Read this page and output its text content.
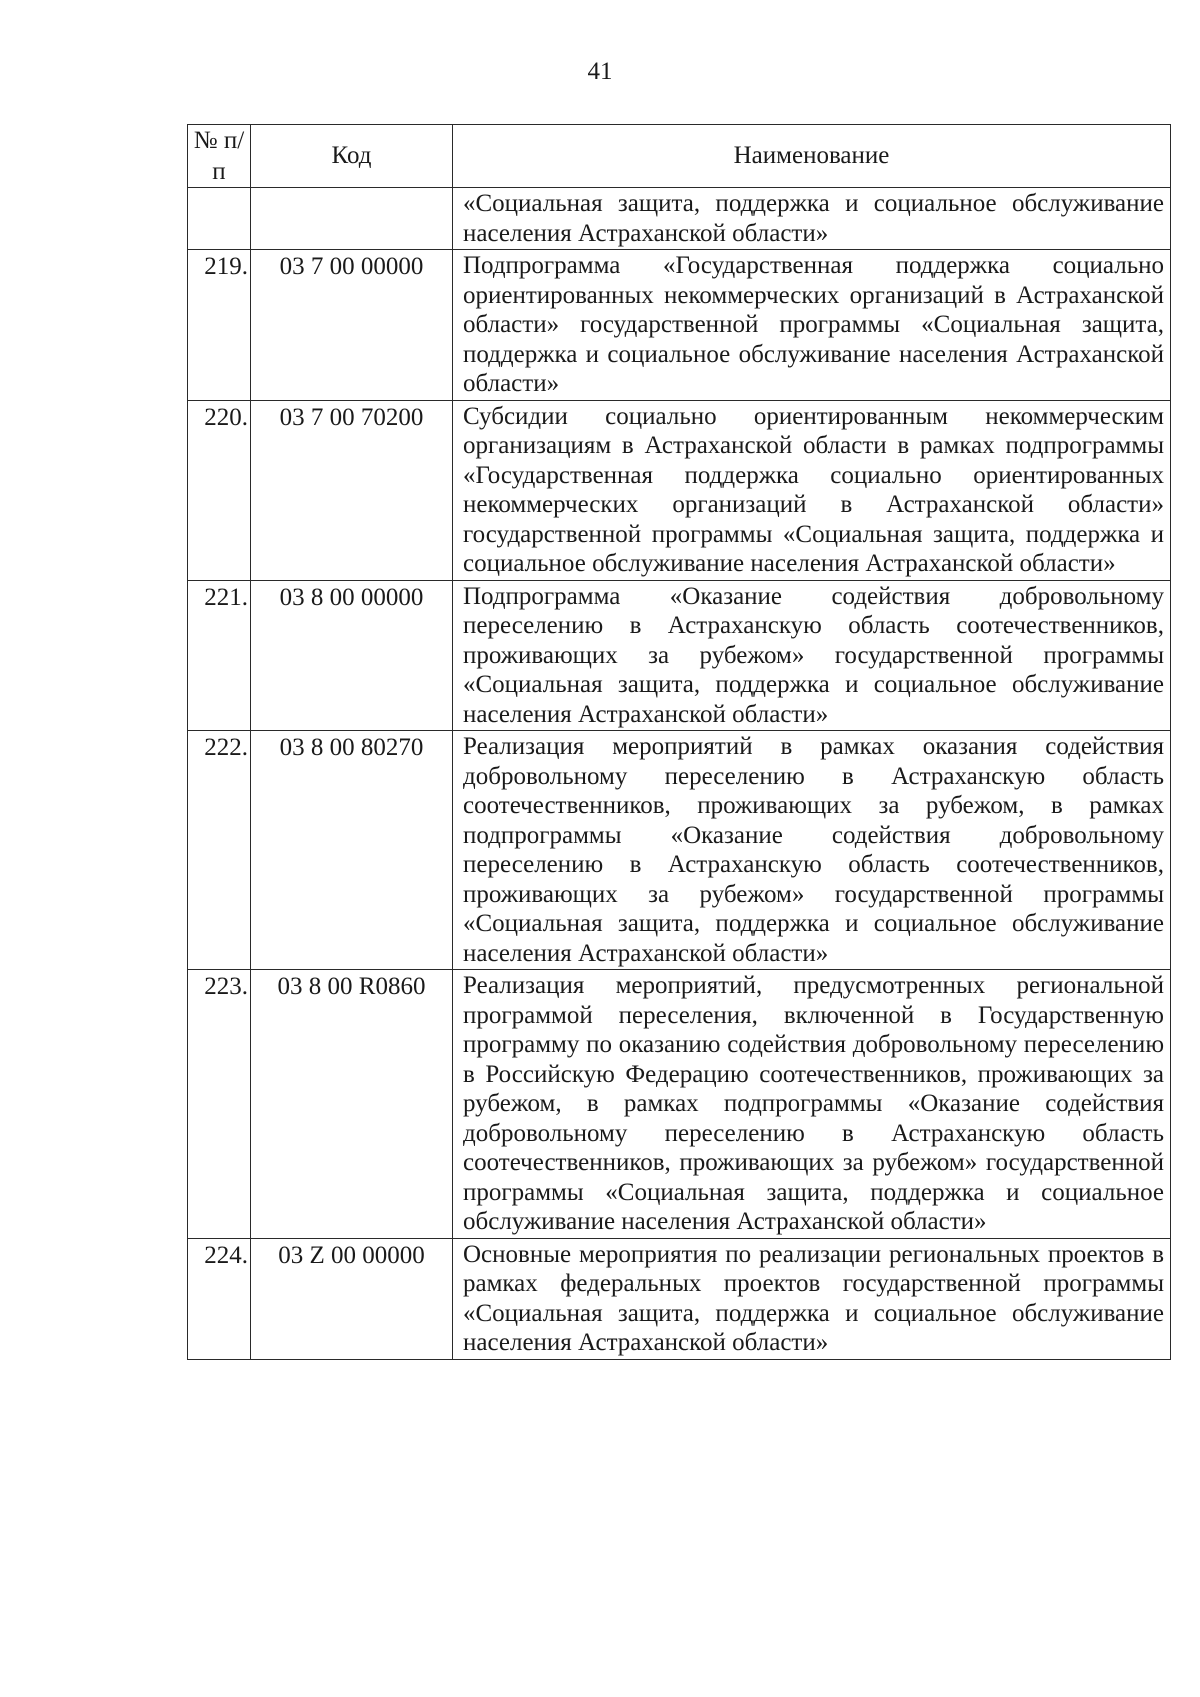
41
№ п/п	Код	Наименование
		«Социальная защита, поддержка и социальное обслуживание населения Астраханской области»
219.	03 7 00 00000	Подпрограмма «Государственная поддержка социально ориентированных некоммерческих организаций в Астраханской области» государственной программы «Социальная защита, поддержка и социальное обслуживание населения Астраханской области»
220.	03 7 00 70200	Субсидии социально ориентированным некоммерческим организациям в Астраханской области в рамках подпрограммы «Государственная поддержка социально ориентированных некоммерческих организаций в Астраханской области» государственной программы «Социальная защита, поддержка и социальное обслуживание населения Астраханской области»
221.	03 8 00 00000	Подпрограмма «Оказание содействия добровольному переселению в Астраханскую область соотечественников, проживающих за рубежом» государственной программы «Социальная защита, поддержка и социальное обслуживание населения Астраханской области»
222.	03 8 00 80270	Реализация мероприятий в рамках оказания содействия добровольному переселению в Астраханскую область соотечественников, проживающих за рубежом, в рамках подпрограммы «Оказание содействия добровольному переселению в Астраханскую область соотечественников, проживающих за рубежом» государственной программы «Социальная защита, поддержка и социальное обслуживание населения Астраханской области»
223.	03 8 00 R0860	Реализация мероприятий, предусмотренных региональной программой переселения, включенной в Государственную программу по оказанию содействия добровольному переселению в Российскую Федерацию соотечественников, проживающих за рубежом, в рамках подпрограммы «Оказание содействия добровольному переселению в Астраханскую область соотечественников, проживающих за рубежом» государственной программы «Социальная защита, поддержка и социальное обслуживание населения Астраханской области»
224.	03 Z 00 00000	Основные мероприятия по реализации региональных проектов в рамках федеральных проектов государственной программы «Социальная защита, поддержка и социальное обслуживание населения Астраханской области»
